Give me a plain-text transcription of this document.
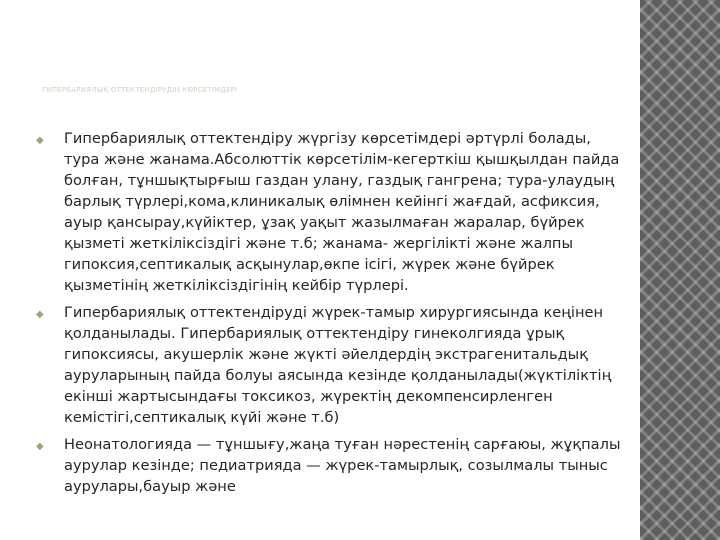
ГИПЕРБАРИЯЛЫҚ ОТТЕКТЕНДІРУДІҢ КӨРСЕТІМДЕРІ
◆ Гипербариялық оттектендіру жүргізу көрсетімдері әртүрлі болады, тура және жанама.Абсолюттік көрсетілім-кегерткіш қышқылдан пайда болған, тұншықтырғыш газдан улану, газдық гангрена; тура-улаудың барлық түрлері,кома,клиникалық өлімнен кейінгі жағдай, асфиксия, ауыр қансырау,күйіктер, ұзақ уақыт жазылмаған жаралар, бүйрек қызметі жеткіліксіздігі және т.б; жанама- жергілікті және жалпы гипоксия,септикалық асқынулар,өкпе ісігі, жүрек және бүйрек қызметінің жеткіліксіздігінің кейбір түрлері.
◆ Гипербариялық оттектендіруді жүрек-тамыр хирургиясында кеңінен қолданылады. Гипербариялық оттектендіру гинеколгияда ұрық гипоксиясы, акушерлік және жүкті әйелдердің экстрагенитальдық ауруларының пайда болуы аясында кезінде қолданылады(жүктіліктің екінші жартысындағы токсикоз, жүректің декомпенсирленген кемістігі,септикалық күйі және т.б)
◆ Неонатологияда — тұншығу,жаңа туған нәрестенің сарғаюы, жұқпалы аурулар кезінде; педиатрияда — жүрек-тамырлық, созылмалы тыныс аурулары,бауыр және
